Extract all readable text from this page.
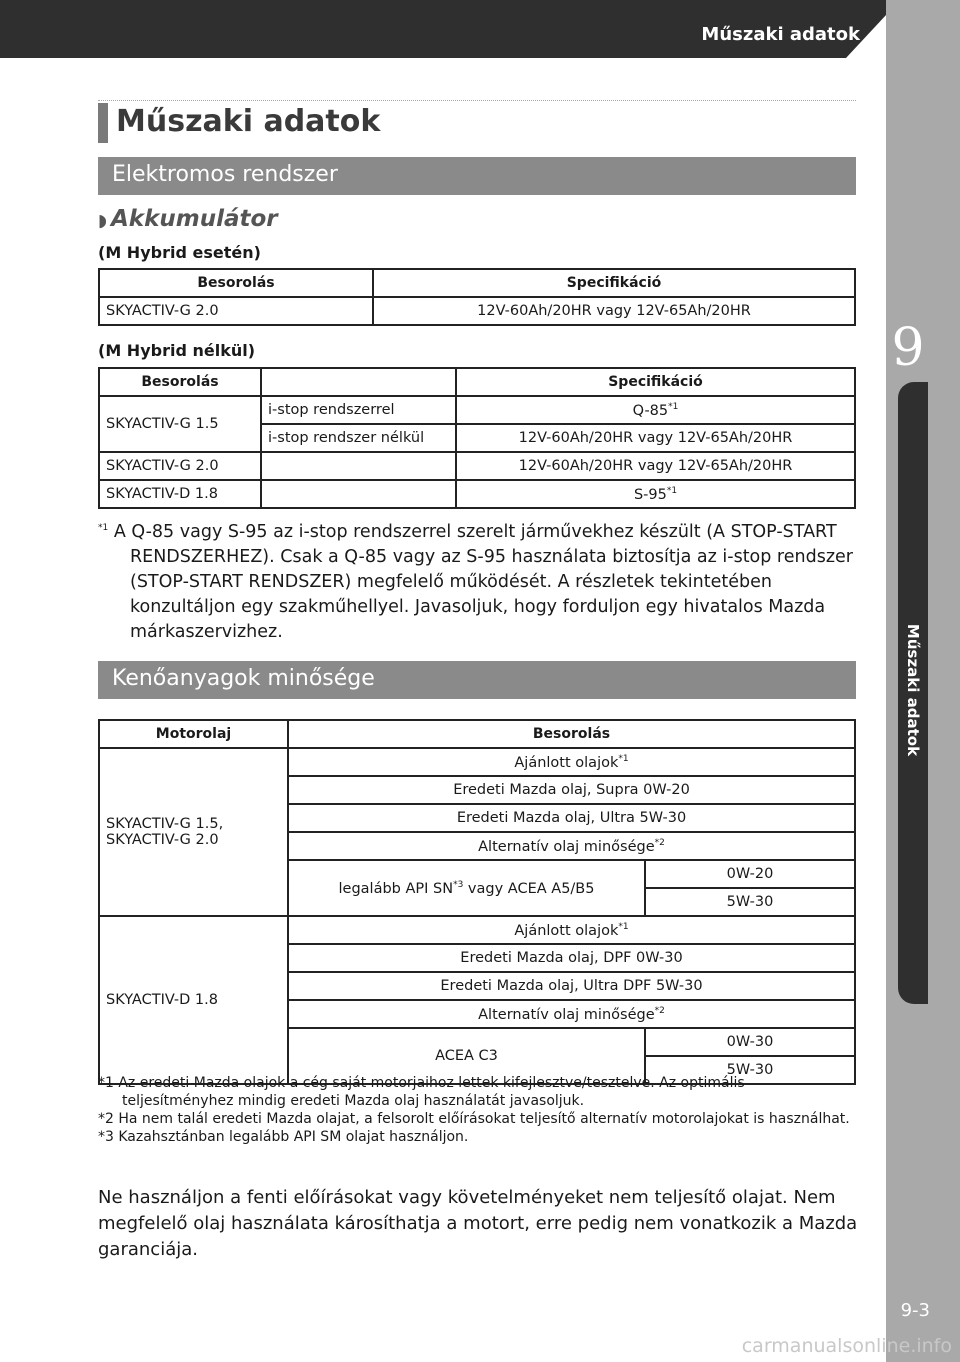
Műszaki adatok
9
Műszaki adatok
9-3
carmanualsonline.info
Műszaki adatok
Elektromos rendszer
◗ Akkumulátor
(M Hybrid esetén)
Besorolás	Specifikáció
SKYACTIV-G 2.0	12V-60Ah/20HR vagy 12V-65Ah/20HR
(M Hybrid nélkül)
Besorolás		Specifikáció
SKYACTIV-G 1.5	i-stop rendszerrel	Q-85$^{*1}$
	i-stop rendszer nélkül	12V-60Ah/20HR vagy 12V-65Ah/20HR
SKYACTIV-G 2.0		12V-60Ah/20HR vagy 12V-65Ah/20HR
SKYACTIV-D 1.8		S-95$^{*1}$
$^{*1}$ A Q-85 vagy S-95 az i-stop rendszerrel szerelt járművekhez készült (A STOP-START RENDSZERHEZ). Csak a Q-85 vagy az S-95 használata biztosítja az i-stop rendszer (STOP-START RENDSZER) megfelelő működését. A részletek tekintetében konzultáljon egy szakműhellyel. Javasoljuk, hogy forduljon egy hivatalos Mazda márkaszervizhez.
Kenőanyagok minősége
Motorolaj	Besorolás	
SKYACTIV-G 1.5,
SKYACTIV-G 2.0	Ajánlott olajok$^{*1}$
	Eredeti Mazda olaj, Supra 0W-20	
	Eredeti Mazda olaj, Ultra 5W-30	
	Alternatív olaj minősége$^{*2}$
	legalább API SN$^{*3}$ vagy ACEA A5/B5	0W-20
		5W-30
SKYACTIV-D 1.8	Ajánlott olajok$^{*1}$
	Eredeti Mazda olaj, DPF 0W-30	
	Eredeti Mazda olaj, Ultra DPF 5W-30	
	Alternatív olaj minősége$^{*2}$
	ACEA C3	0W-30
		5W-30
*1 Az eredeti Mazda olajok a cég saját motorjaihoz lettek kifejlesztve/tesztelve. Az optimális teljesítményhez mindig eredeti Mazda olaj használatát javasoljuk.
*2 Ha nem talál eredeti Mazda olajat, a felsorolt előírásokat teljesítő alternatív motorolajokat is használhat.
*3 Kazahsztánban legalább API SM olajat használjon.
Ne használjon a fenti előírásokat vagy követelményeket nem teljesítő olajat. Nem megfelelő olaj használata károsíthatja a motort, erre pedig nem vonatkozik a Mazda garanciája.
